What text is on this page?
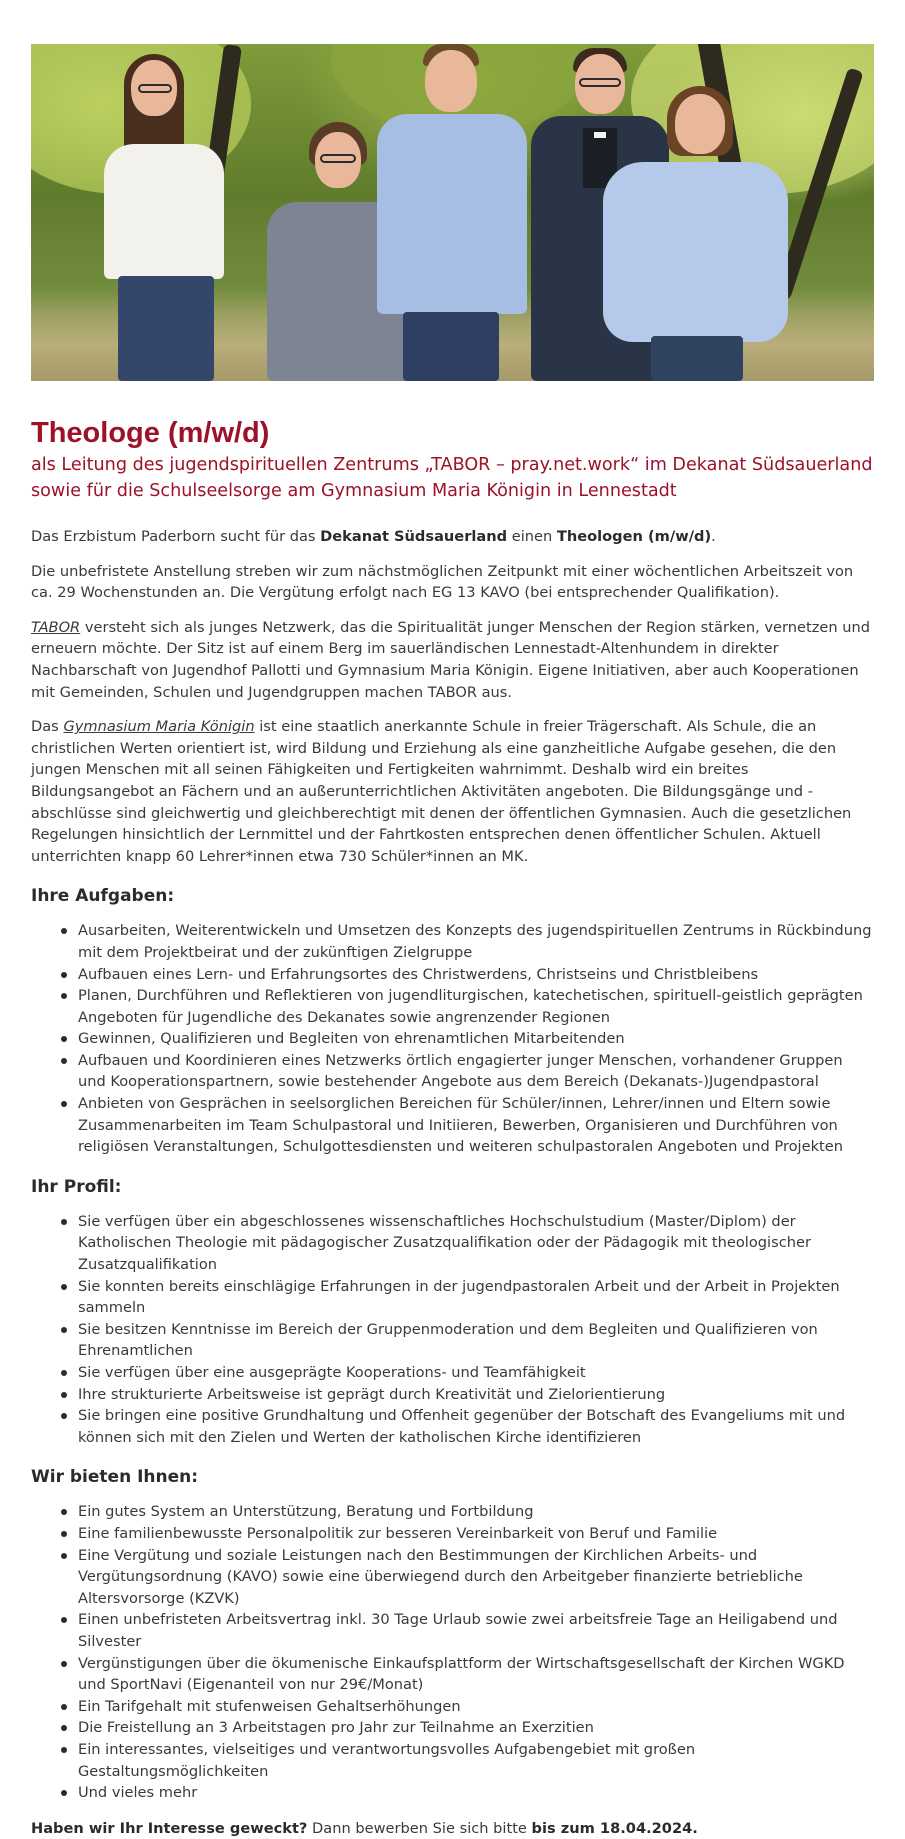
Theologe (m/w/d)
als Leitung des jugendspirituellen Zentrums „TABOR – pray.net.work“ im Dekanat Südsauerland sowie für die Schulseelsorge am Gymnasium Maria Königin in Lennestadt

Das Erzbistum Paderborn sucht für das Dekanat Südsauerland einen Theologen (m/w/d).

Die unbefristete Anstellung streben wir zum nächstmöglichen Zeitpunkt mit einer wöchentlichen Arbeitszeit von ca. 29 Wochenstunden an. Die Vergütung erfolgt nach EG 13 KAVO (bei entsprechender Qualifikation).

TABOR versteht sich als junges Netzwerk, das die Spiritualität junger Menschen der Region stärken, vernetzen und erneuern möchte. Der Sitz ist auf einem Berg im sauerländischen Lennestadt-Altenhundem in direkter Nachbarschaft von Jugendhof Pallotti und Gymnasium Maria Königin. Eigene Initiativen, aber auch Kooperationen mit Gemeinden, Schulen und Jugendgruppen machen TABOR aus.

Das Gymnasium Maria Königin ist eine staatlich anerkannte Schule in freier Trägerschaft. Als Schule, die an christlichen Werten orientiert ist, wird Bildung und Erziehung als eine ganzheitliche Aufgabe gesehen, die den jungen Menschen mit all seinen Fähigkeiten und Fertigkeiten wahrnimmt. Deshalb wird ein breites Bildungsangebot an Fächern und an außerunterrichtlichen Aktivitäten angeboten. Die Bildungsgänge und -abschlüsse sind gleichwertig und gleichberechtigt mit denen der öffentlichen Gymnasien. Auch die gesetzlichen Regelungen hinsichtlich der Lernmittel und der Fahrtkosten entsprechen denen öffentlicher Schulen. Aktuell unterrichten knapp 60 Lehrer*innen etwa 730 Schüler*innen an MK.

Ihre Aufgaben:
Ausarbeiten, Weiterentwickeln und Umsetzen des Konzepts des jugendspirituellen Zentrums in Rückbindung mit dem Projektbeirat und der zukünftigen Zielgruppe
Aufbauen eines Lern- und Erfahrungsortes des Christwerdens, Christseins und Christbleibens
Planen, Durchführen und Reflektieren von jugendliturgischen, katechetischen, spirituell-geistlich geprägten Angeboten für Jugendliche des Dekanates sowie angrenzender Regionen
Gewinnen, Qualifizieren und Begleiten von ehrenamtlichen Mitarbeitenden
Aufbauen und Koordinieren eines Netzwerks örtlich engagierter junger Menschen, vorhandener Gruppen und Kooperationspartnern, sowie bestehender Angebote aus dem Bereich (Dekanats-)Jugendpastoral
Anbieten von Gesprächen in seelsorglichen Bereichen für Schüler/innen, Lehrer/innen und Eltern sowie Zusammenarbeiten im Team Schulpastoral und Initiieren, Bewerben, Organisieren und Durchführen von religiösen Veranstaltungen, Schulgottesdiensten und weiteren schulpastoralen Angeboten und Projekten
Ihr Profil:
Sie verfügen über ein abgeschlossenes wissenschaftliches Hochschulstudium (Master/Diplom) der Katholischen Theologie mit pädagogischer Zusatzqualifikation oder der Pädagogik mit theologischer Zusatzqualifikation
Sie konnten bereits einschlägige Erfahrungen in der jugendpastoralen Arbeit und der Arbeit in Projekten sammeln
Sie besitzen Kenntnisse im Bereich der Gruppenmoderation und dem Begleiten und Qualifizieren von Ehrenamtlichen
Sie verfügen über eine ausgeprägte Kooperations- und Teamfähigkeit
Ihre strukturierte Arbeitsweise ist geprägt durch Kreativität und Zielorientierung
Sie bringen eine positive Grundhaltung und Offenheit gegenüber der Botschaft des Evangeliums mit und können sich mit den Zielen und Werten der katholischen Kirche identifizieren
Wir bieten Ihnen:
Ein gutes System an Unterstützung, Beratung und Fortbildung
Eine familienbewusste Personalpolitik zur besseren Vereinbarkeit von Beruf und Familie
Eine Vergütung und soziale Leistungen nach den Bestimmungen der Kirchlichen Arbeits- und Vergütungsordnung (KAVO) sowie eine überwiegend durch den Arbeitgeber finanzierte betriebliche Altersvorsorge (KZVK)
Einen unbefristeten Arbeitsvertrag inkl. 30 Tage Urlaub sowie zwei arbeitsfreie Tage an Heiligabend und Silvester
Vergünstigungen über die ökumenische Einkaufsplattform der Wirtschaftsgesellschaft der Kirchen WGKD und SportNavi (Eigenanteil von nur 29€/Monat)
Ein Tarifgehalt mit stufenweisen Gehaltserhöhungen
Die Freistellung an 3 Arbeitstagen pro Jahr zur Teilnahme an Exerzitien
Ein interessantes, vielseitiges und verantwortungsvolles Aufgabengebiet mit großen Gestaltungsmöglichkeiten
Und vieles mehr

Haben wir Ihr Interesse geweckt? Dann bewerben Sie sich bitte bis zum 18.04.2024.
